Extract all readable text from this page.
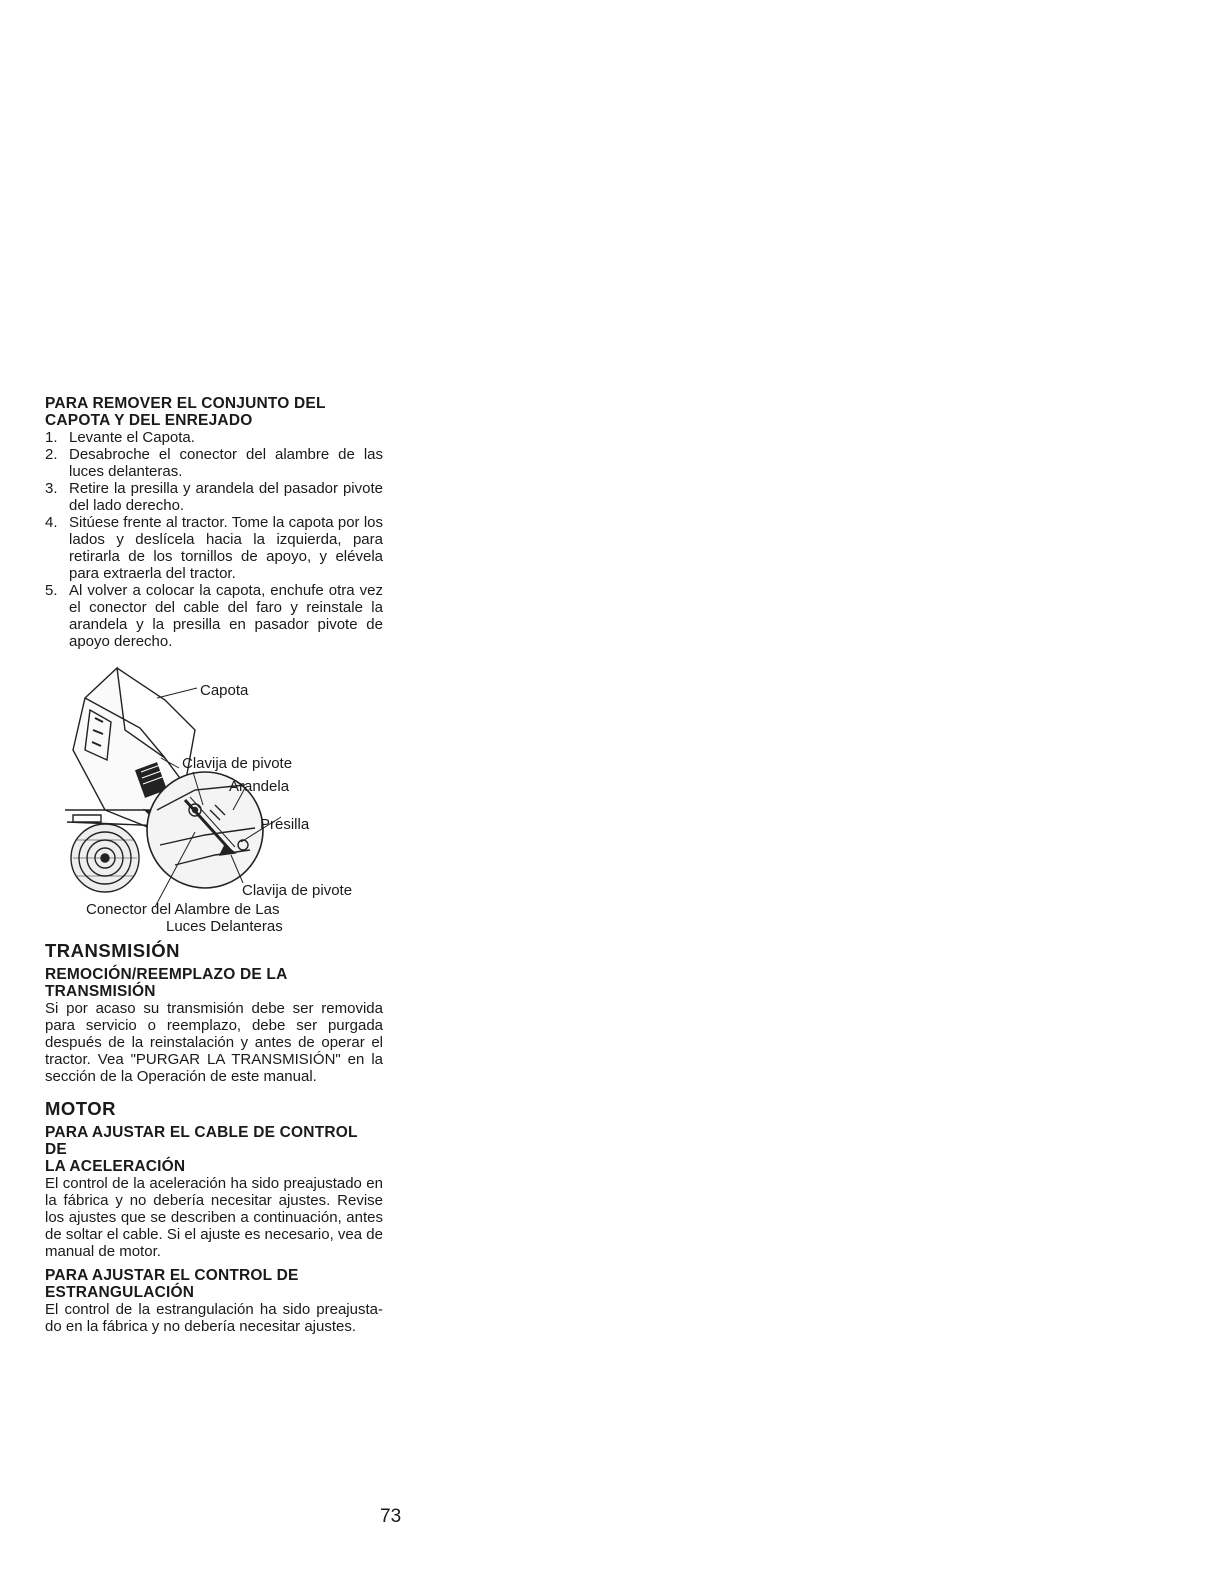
PARA REMOVER EL CONJUNTO DEL

CAPOTA Y DEL ENREJADO

1. Levante el Capota.
2. Desabroche el conector del alambre de las luces delanteras.
3. Retire la presilla y arandela del pasador pivote del lado derecho.
4. Sitúese frente al tractor. Tome la capota por los lados y deslícela hacia la izquierda, para retirarla de los tornillos de apoyo, y elévela para extraerla del tractor.
5. Al volver a colocar la capota, enchufe otra vez el conector del cable del faro y reinstale la arandela y la presilla en pasador pivote de apoyo derecho.
Capota
Clavija de pivote
Arandela
Presilla
Clavija de pivote
Conector del Alambre de Las
Luces Delanteras

TRANSMISIÓN

REMOCIÓN/REEMPLAZO DE LA

TRANSMISIÓN

Si por acaso su transmisión debe ser removida para servicio o reemplazo, debe ser purgada después de la reinstalación y antes de operar el tractor. Vea "PURGAR LA TRANSMISIÓN" en la sección de la Operación de este manual.

MOTOR

PARA AJUSTAR EL CABLE DE CONTROL DE

LA ACELERACIÓN

El control de la aceleración ha sido preajustado en la fábrica y no debería necesitar ajustes. Revise los ajustes que se describen a continuación, antes de soltar el cable. Si el ajuste es necesario, vea de manual de motor.

PARA AJUSTAR EL CONTROL DE

ESTRANGULACIÓN

El control de la estrangulación ha sido preajusta-do en la fábrica y no debería necesitar ajustes.

73
